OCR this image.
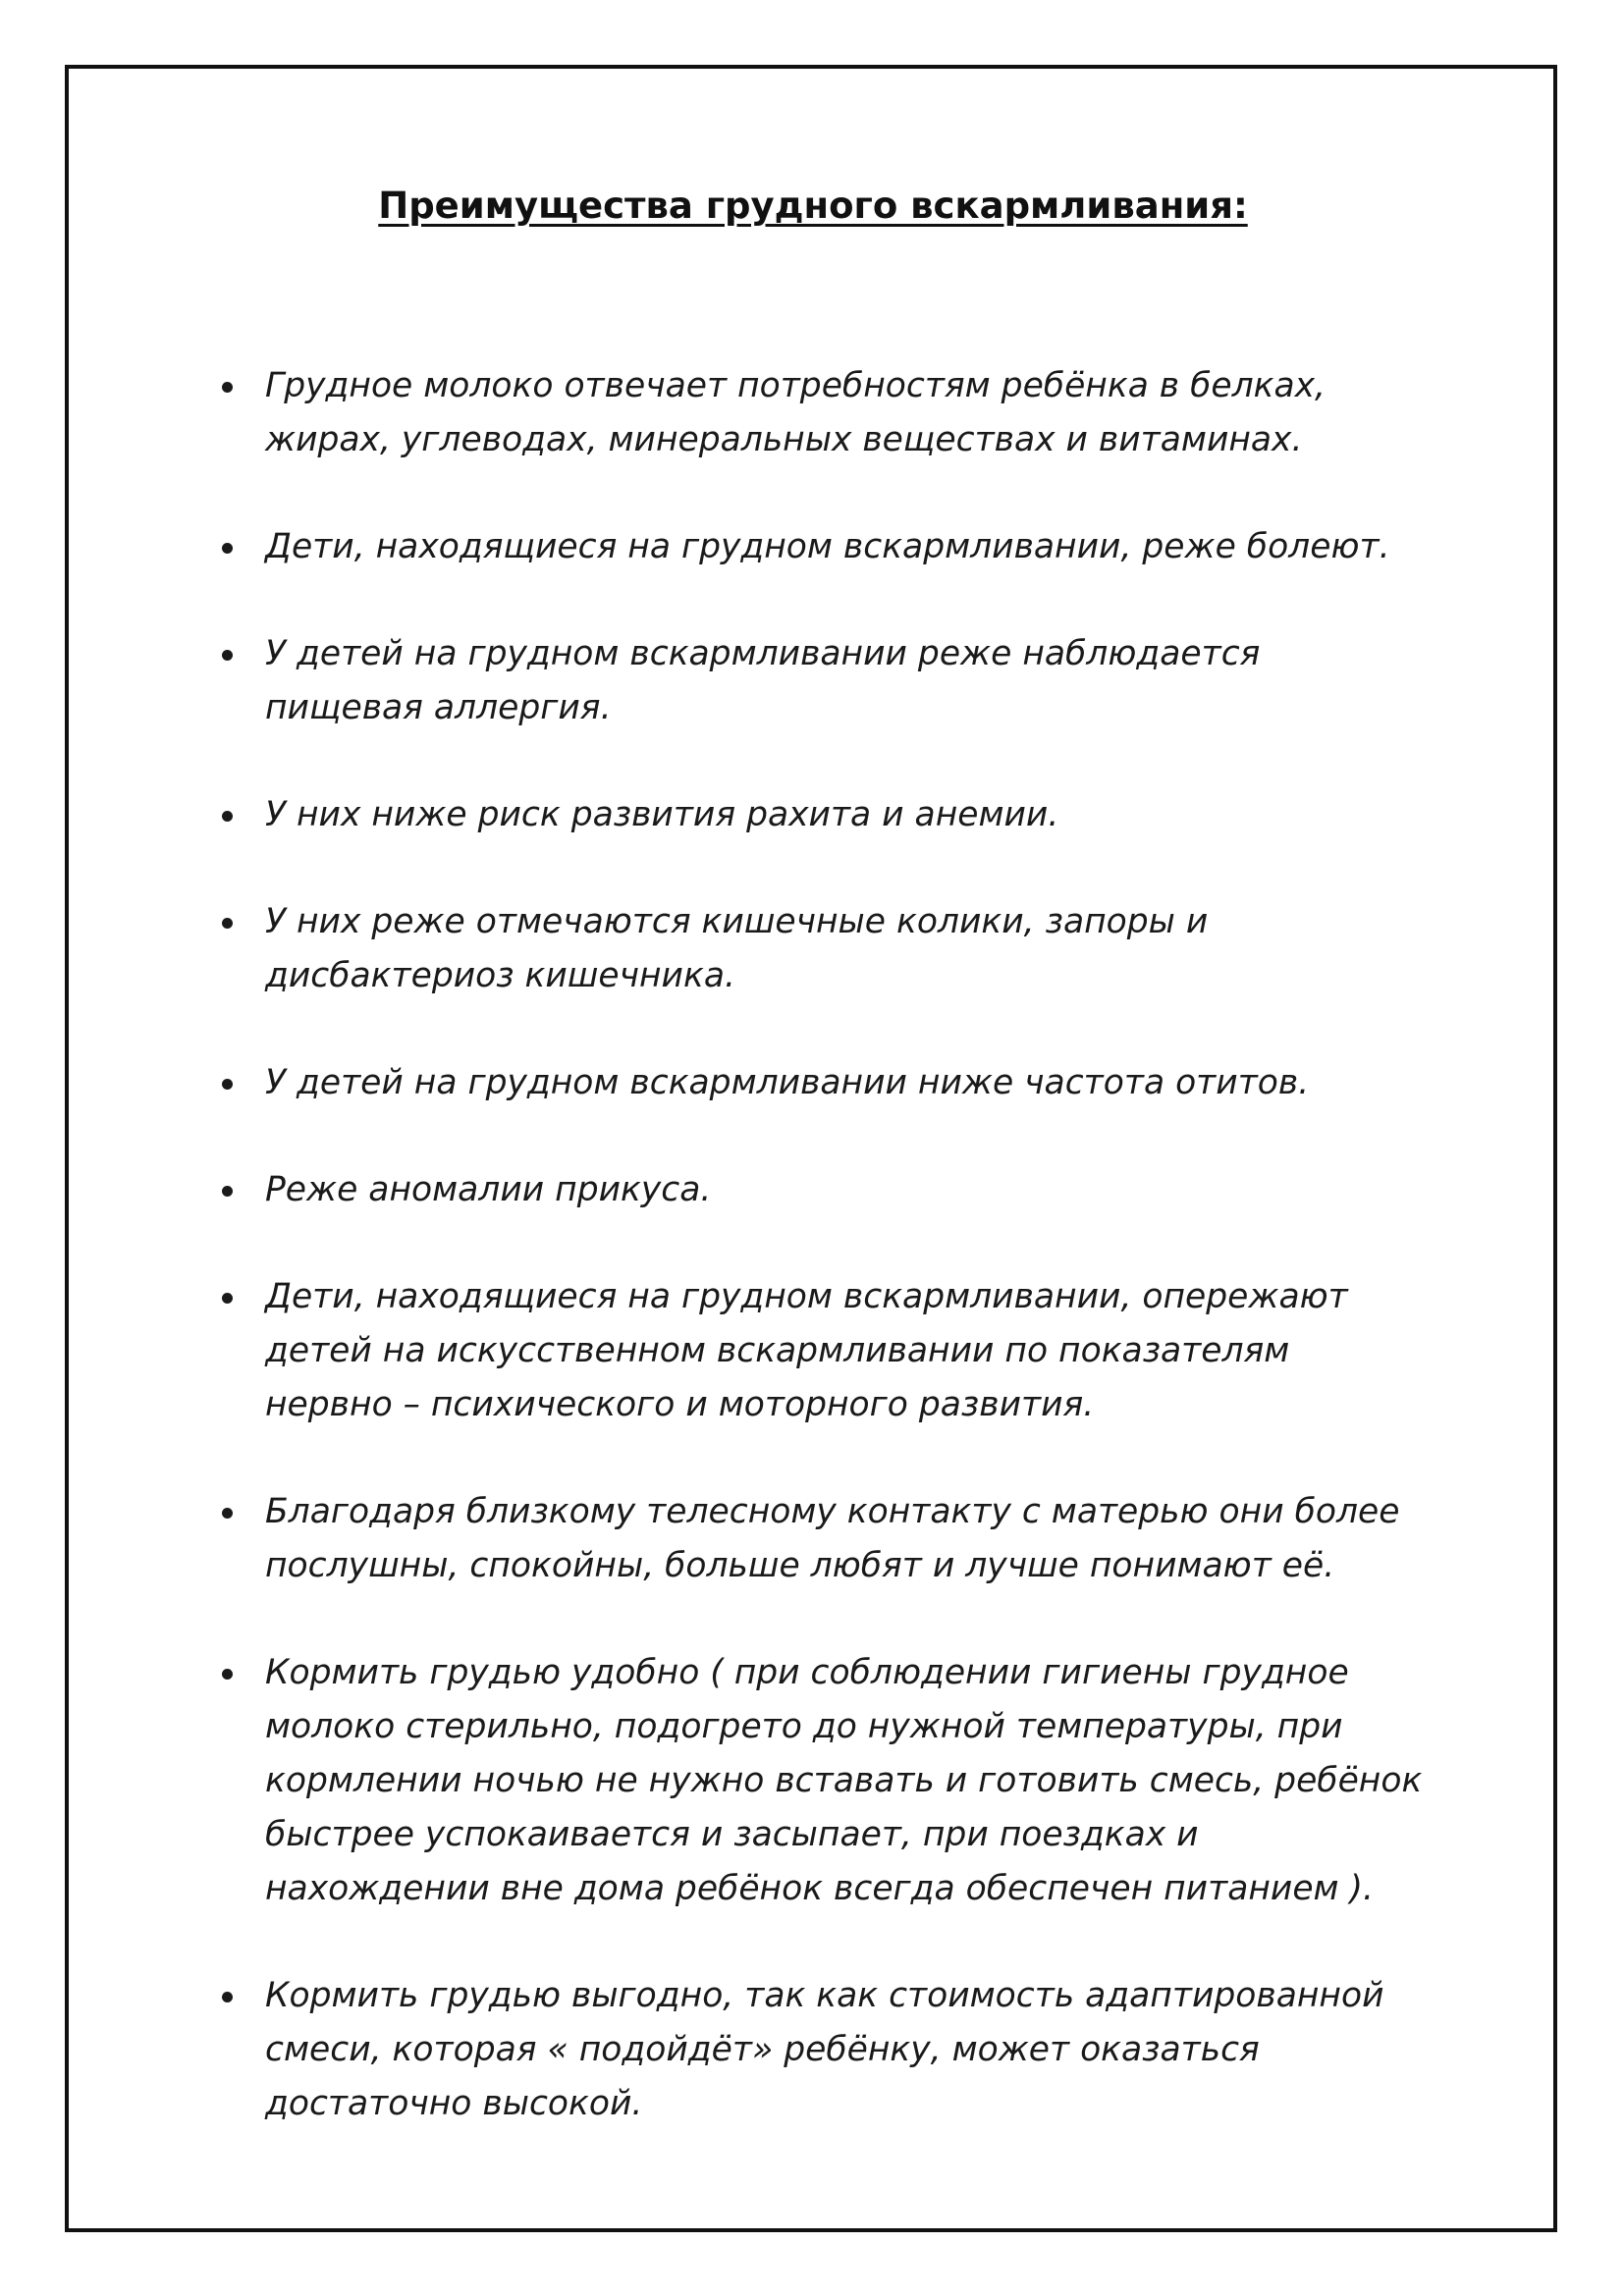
Преимущества грудного вскармливания:
Грудное молоко отвечает потребностям ребёнка в белках,
жирах, углеводах, минеральных веществах и витаминах.
Дети, находящиеся на грудном вскармливании, реже болеют.
У детей на грудном вскармливании реже наблюдается
пищевая аллергия.
У них ниже риск развития рахита и анемии.
У них реже отмечаются кишечные колики, запоры и
дисбактериоз кишечника.
У детей на грудном вскармливании ниже частота отитов.
Реже аномалии прикуса.
Дети, находящиеся на грудном вскармливании, опережают
детей на искусственном вскармливании по показателям
нервно – психического и моторного развития.
Благодаря близкому телесному контакту с матерью они более
послушны, спокойны, больше любят и лучше понимают её.
Кормить грудью удобно ( при соблюдении гигиены грудное
молоко стерильно, подогрето до нужной температуры, при
кормлении ночью не нужно вставать и готовить смесь, ребёнок
быстрее успокаивается и засыпает, при поездках и
нахождении вне дома ребёнок всегда обеспечен питанием ).
Кормить грудью выгодно, так как стоимость адаптированной
смеси, которая « подойдёт» ребёнку, может оказаться
достаточно высокой.
